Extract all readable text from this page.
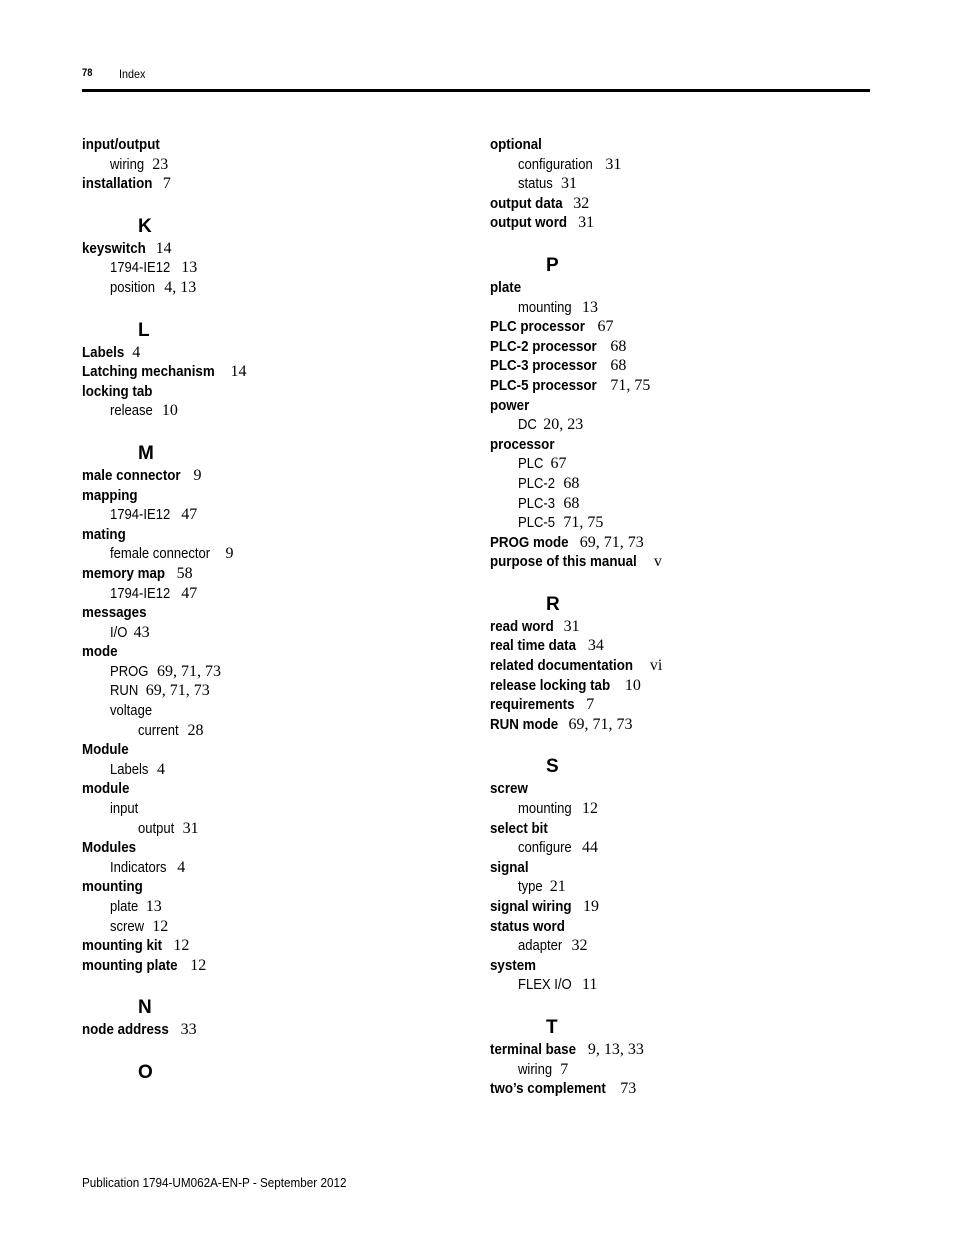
78 Index
input/output
wiring 23
installation 7
K
keyswitch 14
1794-IE12 13
position 4, 13
L
Labels 4
Latching mechanism 14
locking tab
release 10
M
male connector 9
mapping
1794-IE12 47
mating
female connector 9
memory map 58
1794-IE12 47
messages
I/O 43
mode
PROG 69, 71, 73
RUN 69, 71, 73
voltage
current 28
Module
Labels 4
module
input
output 31
Modules
Indicators 4
mounting
plate 13
screw 12
mounting kit 12
mounting plate 12
N
node address 33
O
optional
configuration 31
status 31
output data 32
output word 31
P
plate
mounting 13
PLC processor 67
PLC-2 processor 68
PLC-3 processor 68
PLC-5 processor 71, 75
power
DC 20, 23
processor
PLC 67
PLC-2 68
PLC-3 68
PLC-5 71, 75
PROG mode 69, 71, 73
purpose of this manual v
R
read word 31
real time data 34
related documentation vi
release locking tab 10
requirements 7
RUN mode 69, 71, 73
S
screw
mounting 12
select bit
configure 44
signal
type 21
signal wiring 19
status word
adapter 32
system
FLEX I/O 11
T
terminal base 9, 13, 33
wiring 7
two’s complement 73
Publication 1794-UM062A-EN-P - September 2012
